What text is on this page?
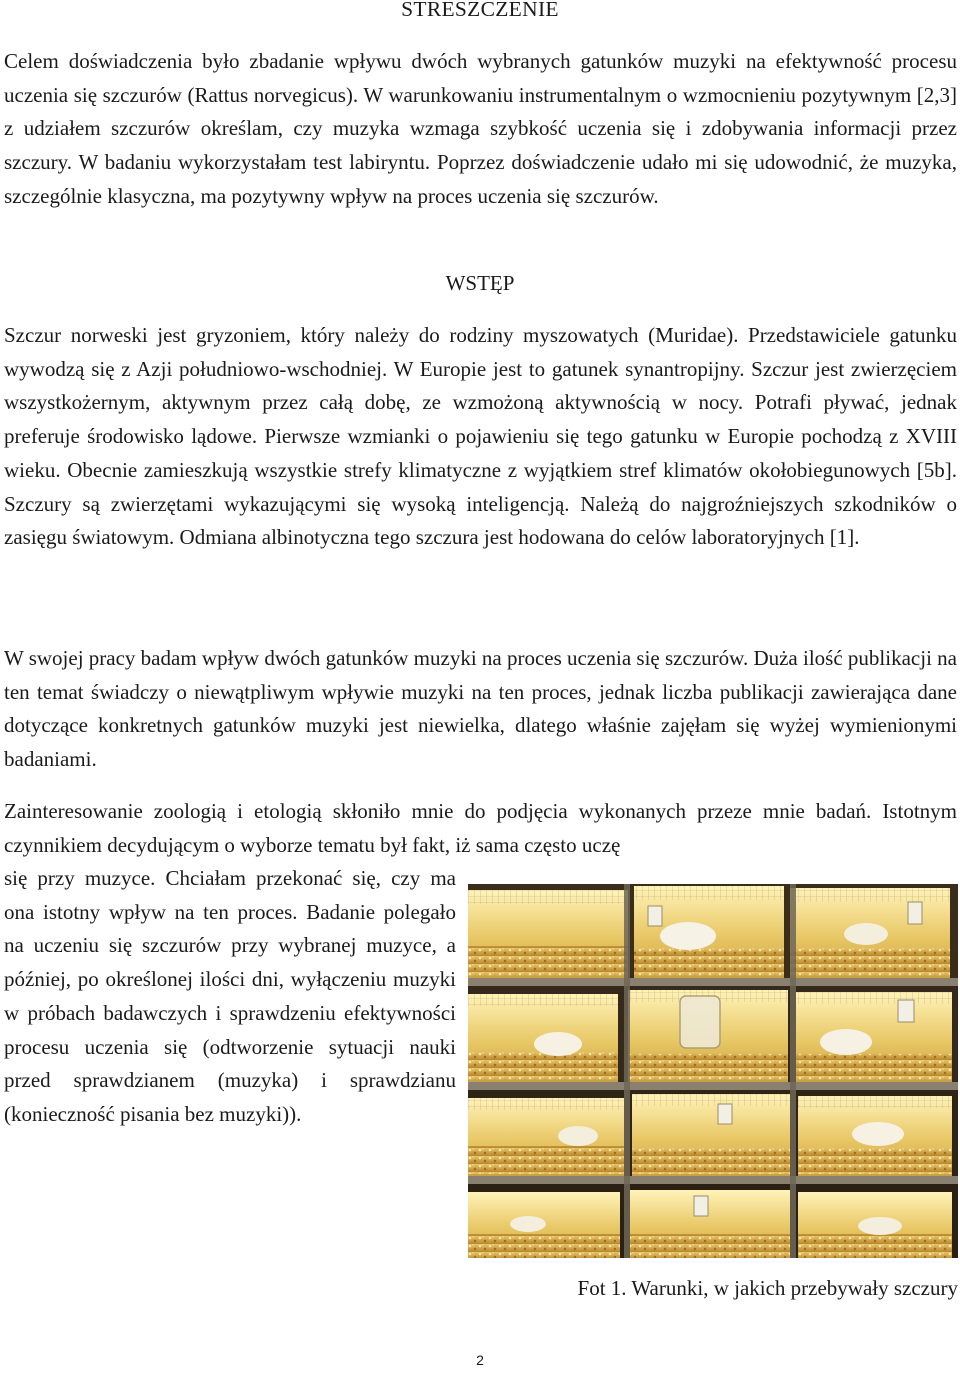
STRESZCZENIE

Celem doświadczenia było zbadanie wpływu dwóch wybranych gatunków muzyki na efektywność procesu uczenia się szczurów (Rattus norvegicus). W warunkowaniu instrumentalnym o wzmocnieniu pozytywnym [2,3] z udziałem szczurów określam, czy muzyka wzmaga szybkość uczenia się i zdobywania informacji przez szczury. W badaniu wykorzystałam test labiryntu. Poprzez doświadczenie udało mi się udowodnić, że muzyka, szczególnie klasyczna, ma pozytywny wpływ na proces uczenia się szczurów.

WSTĘP

Szczur norweski jest gryzoniem, który należy do rodziny myszowatych (Muridae). Przedstawiciele gatunku wywodzą się z Azji południowo-wschodniej. W Europie jest to gatunek synantropijny. Szczur jest zwierzęciem wszystkożernym, aktywnym przez całą dobę, ze wzmożoną aktywnością w nocy. Potrafi pływać, jednak preferuje środowisko lądowe. Pierwsze wzmianki o pojawieniu się tego gatunku w Europie pochodzą z XVIII wieku. Obecnie zamieszkują wszystkie strefy klimatyczne z wyjątkiem stref klimatów okołobiegunowych [5b]. Szczury są zwierzętami wykazującymi się wysoką inteligencją. Należą do najgroźniejszych szkodników o zasięgu światowym. Odmiana albinotyczna tego szczura jest hodowana do celów laboratoryjnych [1].

W swojej pracy badam wpływ dwóch gatunków muzyki na proces uczenia się szczurów. Duża ilość publikacji na ten temat świadczy o niewątpliwym wpływie muzyki na ten proces, jednak liczba publikacji zawierająca dane dotyczące konkretnych gatunków muzyki jest niewielka, dlatego właśnie zajęłam się wyżej wymienionymi badaniami.

Zainteresowanie zoologią i etologią skłoniło mnie do podjęcia wykonanych przeze mnie badań. Istotnym czynnikiem decydującym o wyborze tematu był fakt, iż sama często uczę

się przy muzyce. Chciałam przekonać się, czy ma ona istotny wpływ na ten proces. Badanie polegało na uczeniu się szczurów przy wybranej muzyce, a później, po określonej ilości dni, wyłączeniu muzyki w próbach badawczych i sprawdzeniu efektywności procesu uczenia się (odtworzenie sytuacji nauki przed sprawdzianem (muzyka) i sprawdzianu (konieczność pisania bez muzyki)).

Fot 1. Warunki, w jakich przebywały szczury
2
